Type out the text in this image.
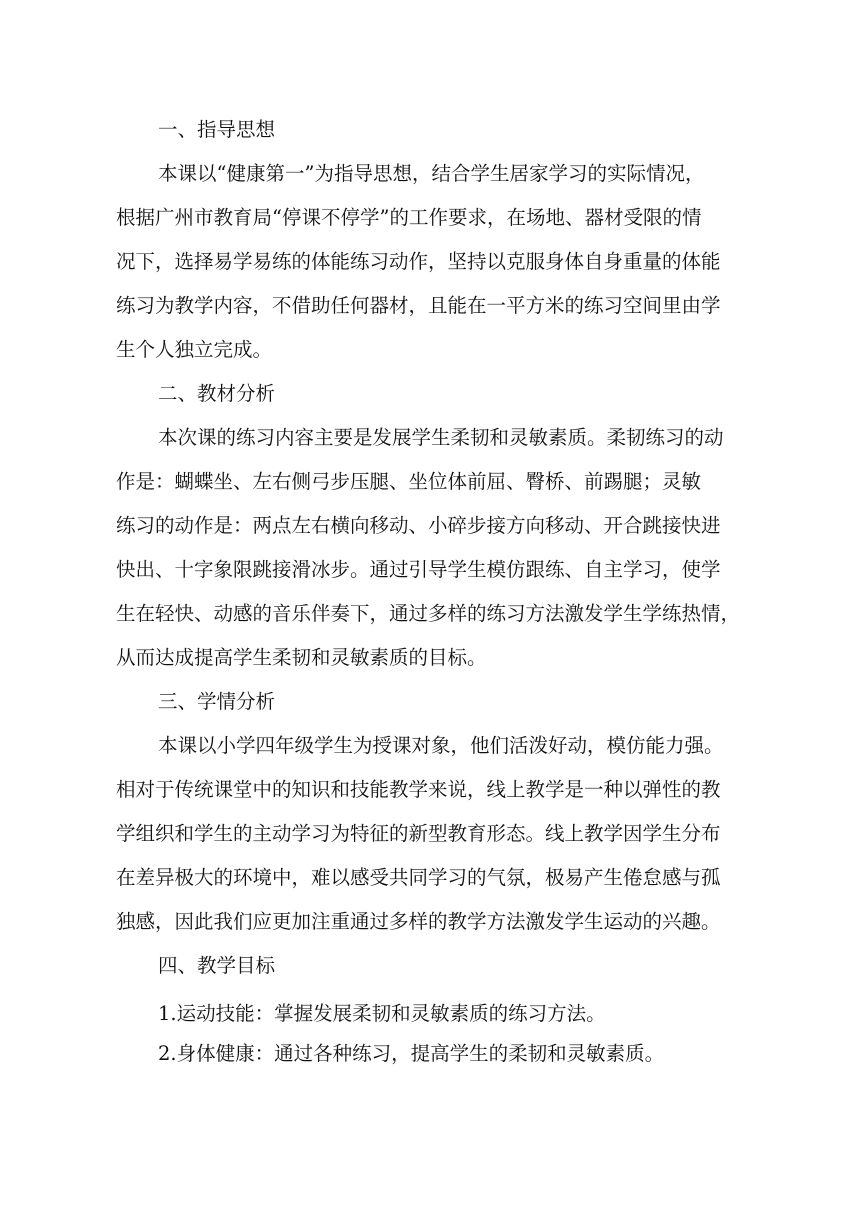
一、指导思想

本课以“健康第一”为指导思想，结合学生居家学习的实际情况，
根据广州市教育局“停课不停学”的工作要求，在场地、器材受限的情
况下，选择易学易练的体能练习动作，坚持以克服身体自身重量的体能
练习为教学内容，不借助任何器材，且能在一平方米的练习空间里由学
生个人独立完成。

二、教材分析

本次课的练习内容主要是发展学生柔韧和灵敏素质。柔韧练习的动
作是：蝴蝶坐、左右侧弓步压腿、坐位体前屈、臀桥、前踢腿；灵敏
练习的动作是：两点左右横向移动、小碎步接方向移动、开合跳接快进
快出、十字象限跳接滑冰步。通过引导学生模仿跟练、自主学习，使学
生在轻快、动感的音乐伴奏下，通过多样的练习方法激发学生学练热情，
从而达成提高学生柔韧和灵敏素质的目标。

三、学情分析

本课以小学四年级学生为授课对象，他们活泼好动，模仿能力强。
相对于传统课堂中的知识和技能教学来说，线上教学是一种以弹性的教
学组织和学生的主动学习为特征的新型教育形态。线上教学因学生分布
在差异极大的环境中，难以感受共同学习的气氛，极易产生倦怠感与孤
独感，因此我们应更加注重通过多样的教学方法激发学生运动的兴趣。

四、教学目标

1.运动技能：掌握发展柔韧和灵敏素质的练习方法。

2.身体健康：通过各种练习，提高学生的柔韧和灵敏素质。
